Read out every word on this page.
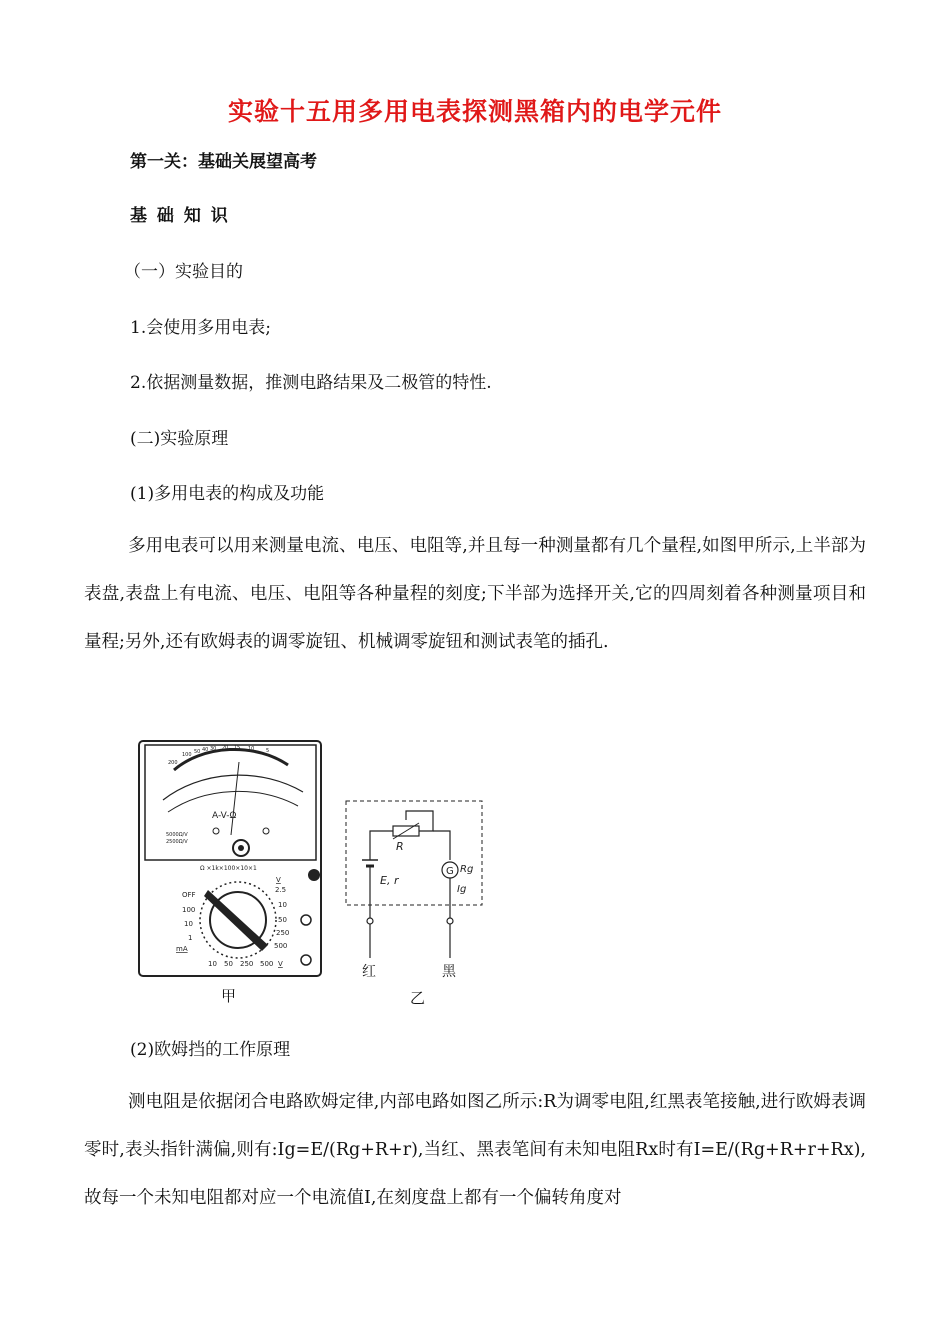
实验十五用多用电表探测黑箱内的电学元件
第一关：基础关展望高考
基 础 知 识
（一）实验目的
1.会使用多用电表;
2.依据测量数据，推测电路结果及二极管的特性.
(二)实验原理
(1)多用电表的构成及功能
多用电表可以用来测量电流、电压、电阻等,并且每一种测量都有几个量程,如图甲所示,上半部为表盘,表盘上有电流、电压、电阻等各种量程的刻度;下半部为选择开关,它的四周刻着各种测量项目和量程;另外,还有欧姆表的调零旋钮、机械调零旋钮和测试表笔的插孔.
200
100 50 40 30 20 15 10 5
A-V-Ω
5000Ω/V
2500Ω/V
Ω ×1k×100×10×1
OFF
100
10
1
mA
10 50 250 500 V
V
2.5
10
50
250
500
G
R
E, r
Rg
Ig
红	黑
甲	乙
(2)欧姆挡的工作原理
测电阻是依据闭合电路欧姆定律,内部电路如图乙所示:R为调零电阻,红黑表笔接触,进行欧姆表调零时,表头指针满偏,则有:Ig=E/(Rg+R+r),当红、黑表笔间有未知电阻Rx时有I=E/(Rg+R+r+Rx),故每一个未知电阻都对应一个电流值I,在刻度盘上都有一个偏转角度对
